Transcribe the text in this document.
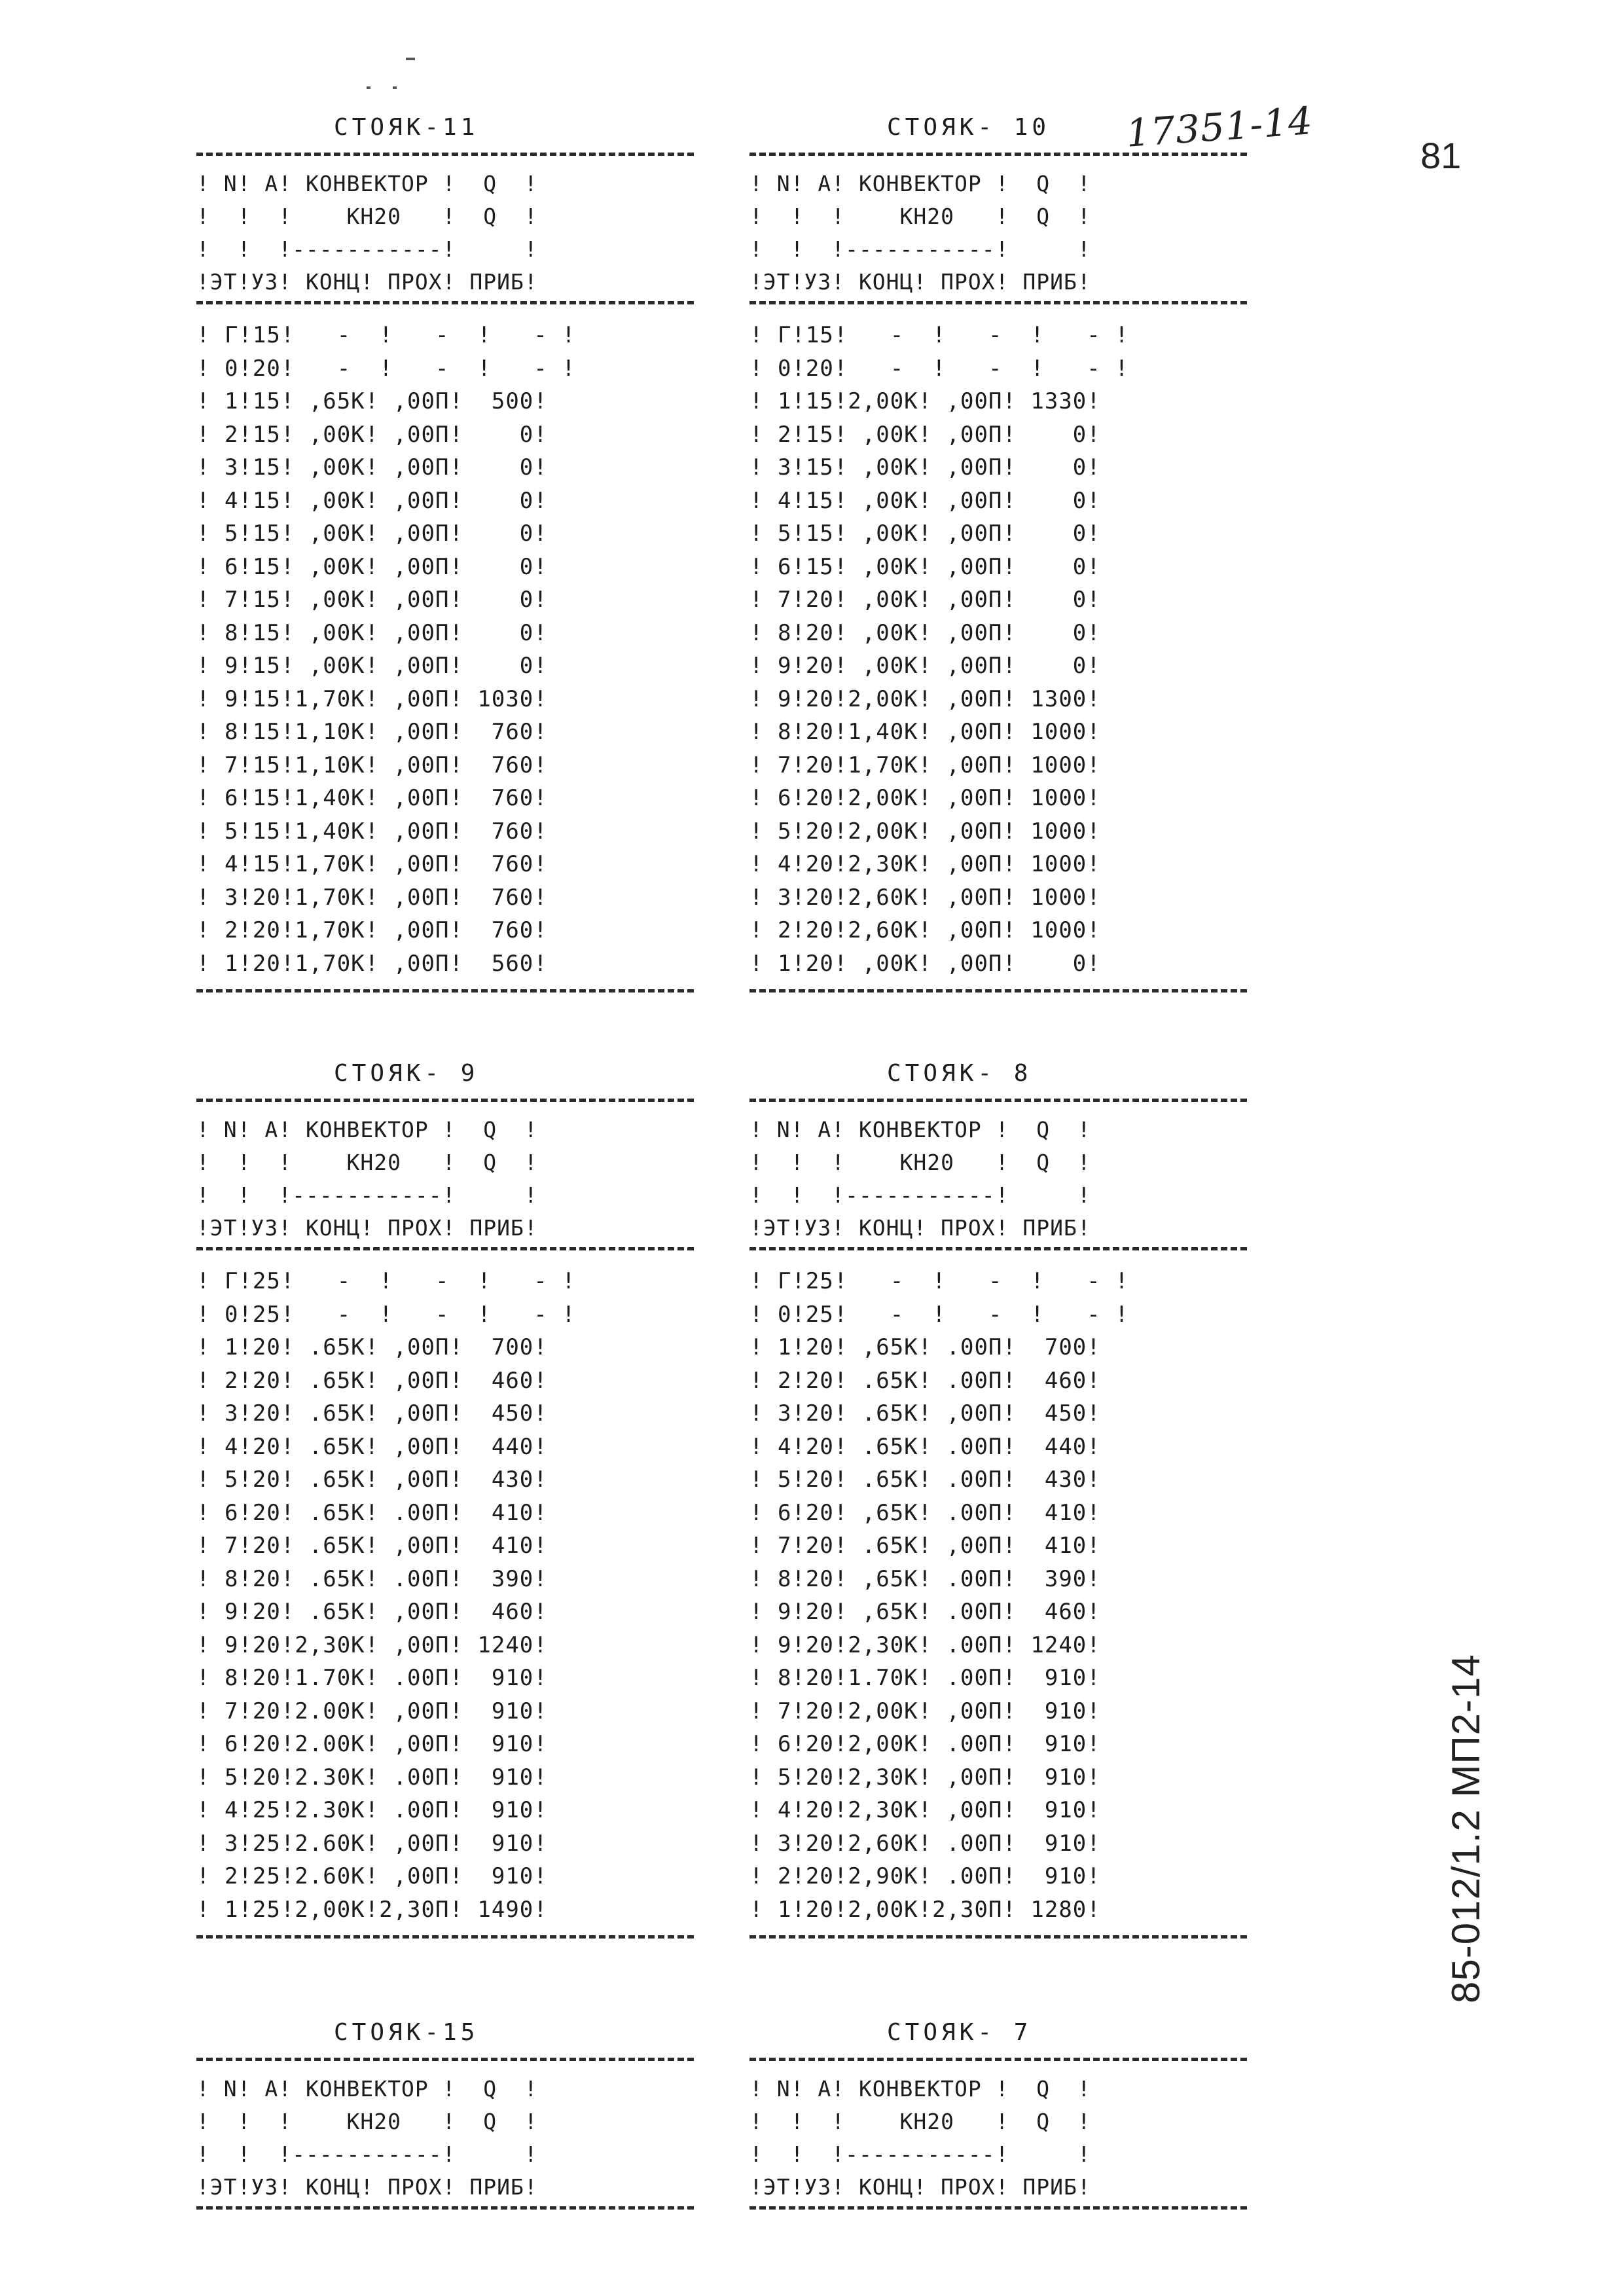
17351-14	81
85-012/1.2 МП2-14
СТОЯК-11
! N! А! КОНВЕКТОР !  Q  !
!  !  !    КН20   !  Q  !
!  !  !-----------!     !
!ЭТ!УЗ! КОНЦ! ПРОХ! ПРИБ!
! Г!15!   -  !   -  !   - !
! 0!20!   -  !   -  !   - !
! 1!15! ,65К! ,00П!  500!
! 2!15! ,00К! ,00П!    0!
! 3!15! ,00К! ,00П!    0!
! 4!15! ,00К! ,00П!    0!
! 5!15! ,00К! ,00П!    0!
! 6!15! ,00К! ,00П!    0!
! 7!15! ,00К! ,00П!    0!
! 8!15! ,00К! ,00П!    0!
! 9!15! ,00К! ,00П!    0!
! 9!15!1,70К! ,00П! 1030!
! 8!15!1,10К! ,00П!  760!
! 7!15!1,10К! ,00П!  760!
! 6!15!1,40К! ,00П!  760!
! 5!15!1,40К! ,00П!  760!
! 4!15!1,70К! ,00П!  760!
! 3!20!1,70К! ,00П!  760!
! 2!20!1,70К! ,00П!  760!
! 1!20!1,70К! ,00П!  560!
СТОЯК- 10
! N! А! КОНВЕКТОР !  Q  !
!  !  !    КН20   !  Q  !
!  !  !-----------!     !
!ЭТ!УЗ! КОНЦ! ПРОХ! ПРИБ!
! Г!15!   -  !   -  !   - !
! 0!20!   -  !   -  !   - !
! 1!15!2,00К! ,00П! 1330!
! 2!15! ,00К! ,00П!    0!
! 3!15! ,00К! ,00П!    0!
! 4!15! ,00К! ,00П!    0!
! 5!15! ,00К! ,00П!    0!
! 6!15! ,00К! ,00П!    0!
! 7!20! ,00К! ,00П!    0!
! 8!20! ,00К! ,00П!    0!
! 9!20! ,00К! ,00П!    0!
! 9!20!2,00К! ,00П! 1300!
! 8!20!1,40К! ,00П! 1000!
! 7!20!1,70К! ,00П! 1000!
! 6!20!2,00К! ,00П! 1000!
! 5!20!2,00К! ,00П! 1000!
! 4!20!2,30К! ,00П! 1000!
! 3!20!2,60К! ,00П! 1000!
! 2!20!2,60К! ,00П! 1000!
! 1!20! ,00К! ,00П!    0!
СТОЯК- 9
! N! А! КОНВЕКТОР !  Q  !
!  !  !    КН20   !  Q  !
!  !  !-----------!     !
!ЭТ!УЗ! КОНЦ! ПРОХ! ПРИБ!
! Г!25!   -  !   -  !   - !
! 0!25!   -  !   -  !   - !
! 1!20! .65К! ,00П!  700!
! 2!20! .65К! ,00П!  460!
! 3!20! .65К! ,00П!  450!
! 4!20! .65К! ,00П!  440!
! 5!20! .65К! ,00П!  430!
! 6!20! .65К! .00П!  410!
! 7!20! .65К! ,00П!  410!
! 8!20! .65К! .00П!  390!
! 9!20! .65К! ,00П!  460!
! 9!20!2,30К! ,00П! 1240!
! 8!20!1.70К! .00П!  910!
! 7!20!2.00К! ,00П!  910!
! 6!20!2.00К! ,00П!  910!
! 5!20!2.30К! .00П!  910!
! 4!25!2.30К! .00П!  910!
! 3!25!2.60К! ,00П!  910!
! 2!25!2.60К! ,00П!  910!
! 1!25!2,00К!2,30П! 1490!
СТОЯК- 8
! N! А! КОНВЕКТОР !  Q  !
!  !  !    КН20   !  Q  !
!  !  !-----------!     !
!ЭТ!УЗ! КОНЦ! ПРОХ! ПРИБ!
! Г!25!   -  !   -  !   - !
! 0!25!   -  !   -  !   - !
! 1!20! ,65К! .00П!  700!
! 2!20! .65К! .00П!  460!
! 3!20! .65К! ,00П!  450!
! 4!20! .65К! .00П!  440!
! 5!20! .65К! .00П!  430!
! 6!20! ,65К! .00П!  410!
! 7!20! .65К! ,00П!  410!
! 8!20! ,65К! .00П!  390!
! 9!20! ,65К! .00П!  460!
! 9!20!2,30К! .00П! 1240!
! 8!20!1.70К! .00П!  910!
! 7!20!2,00К! ,00П!  910!
! 6!20!2,00К! .00П!  910!
! 5!20!2,30К! ,00П!  910!
! 4!20!2,30К! ,00П!  910!
! 3!20!2,60К! .00П!  910!
! 2!20!2,90К! .00П!  910!
! 1!20!2,00К!2,30П! 1280!
СТОЯК-15
! N! А! КОНВЕКТОР !  Q  !
!  !  !    КН20   !  Q  !
!  !  !-----------!     !
!ЭТ!УЗ! КОНЦ! ПРОХ! ПРИБ!
СТОЯК- 7
! N! А! КОНВЕКТОР !  Q  !
!  !  !    КН20   !  Q  !
!  !  !-----------!     !
!ЭТ!УЗ! КОНЦ! ПРОХ! ПРИБ!
